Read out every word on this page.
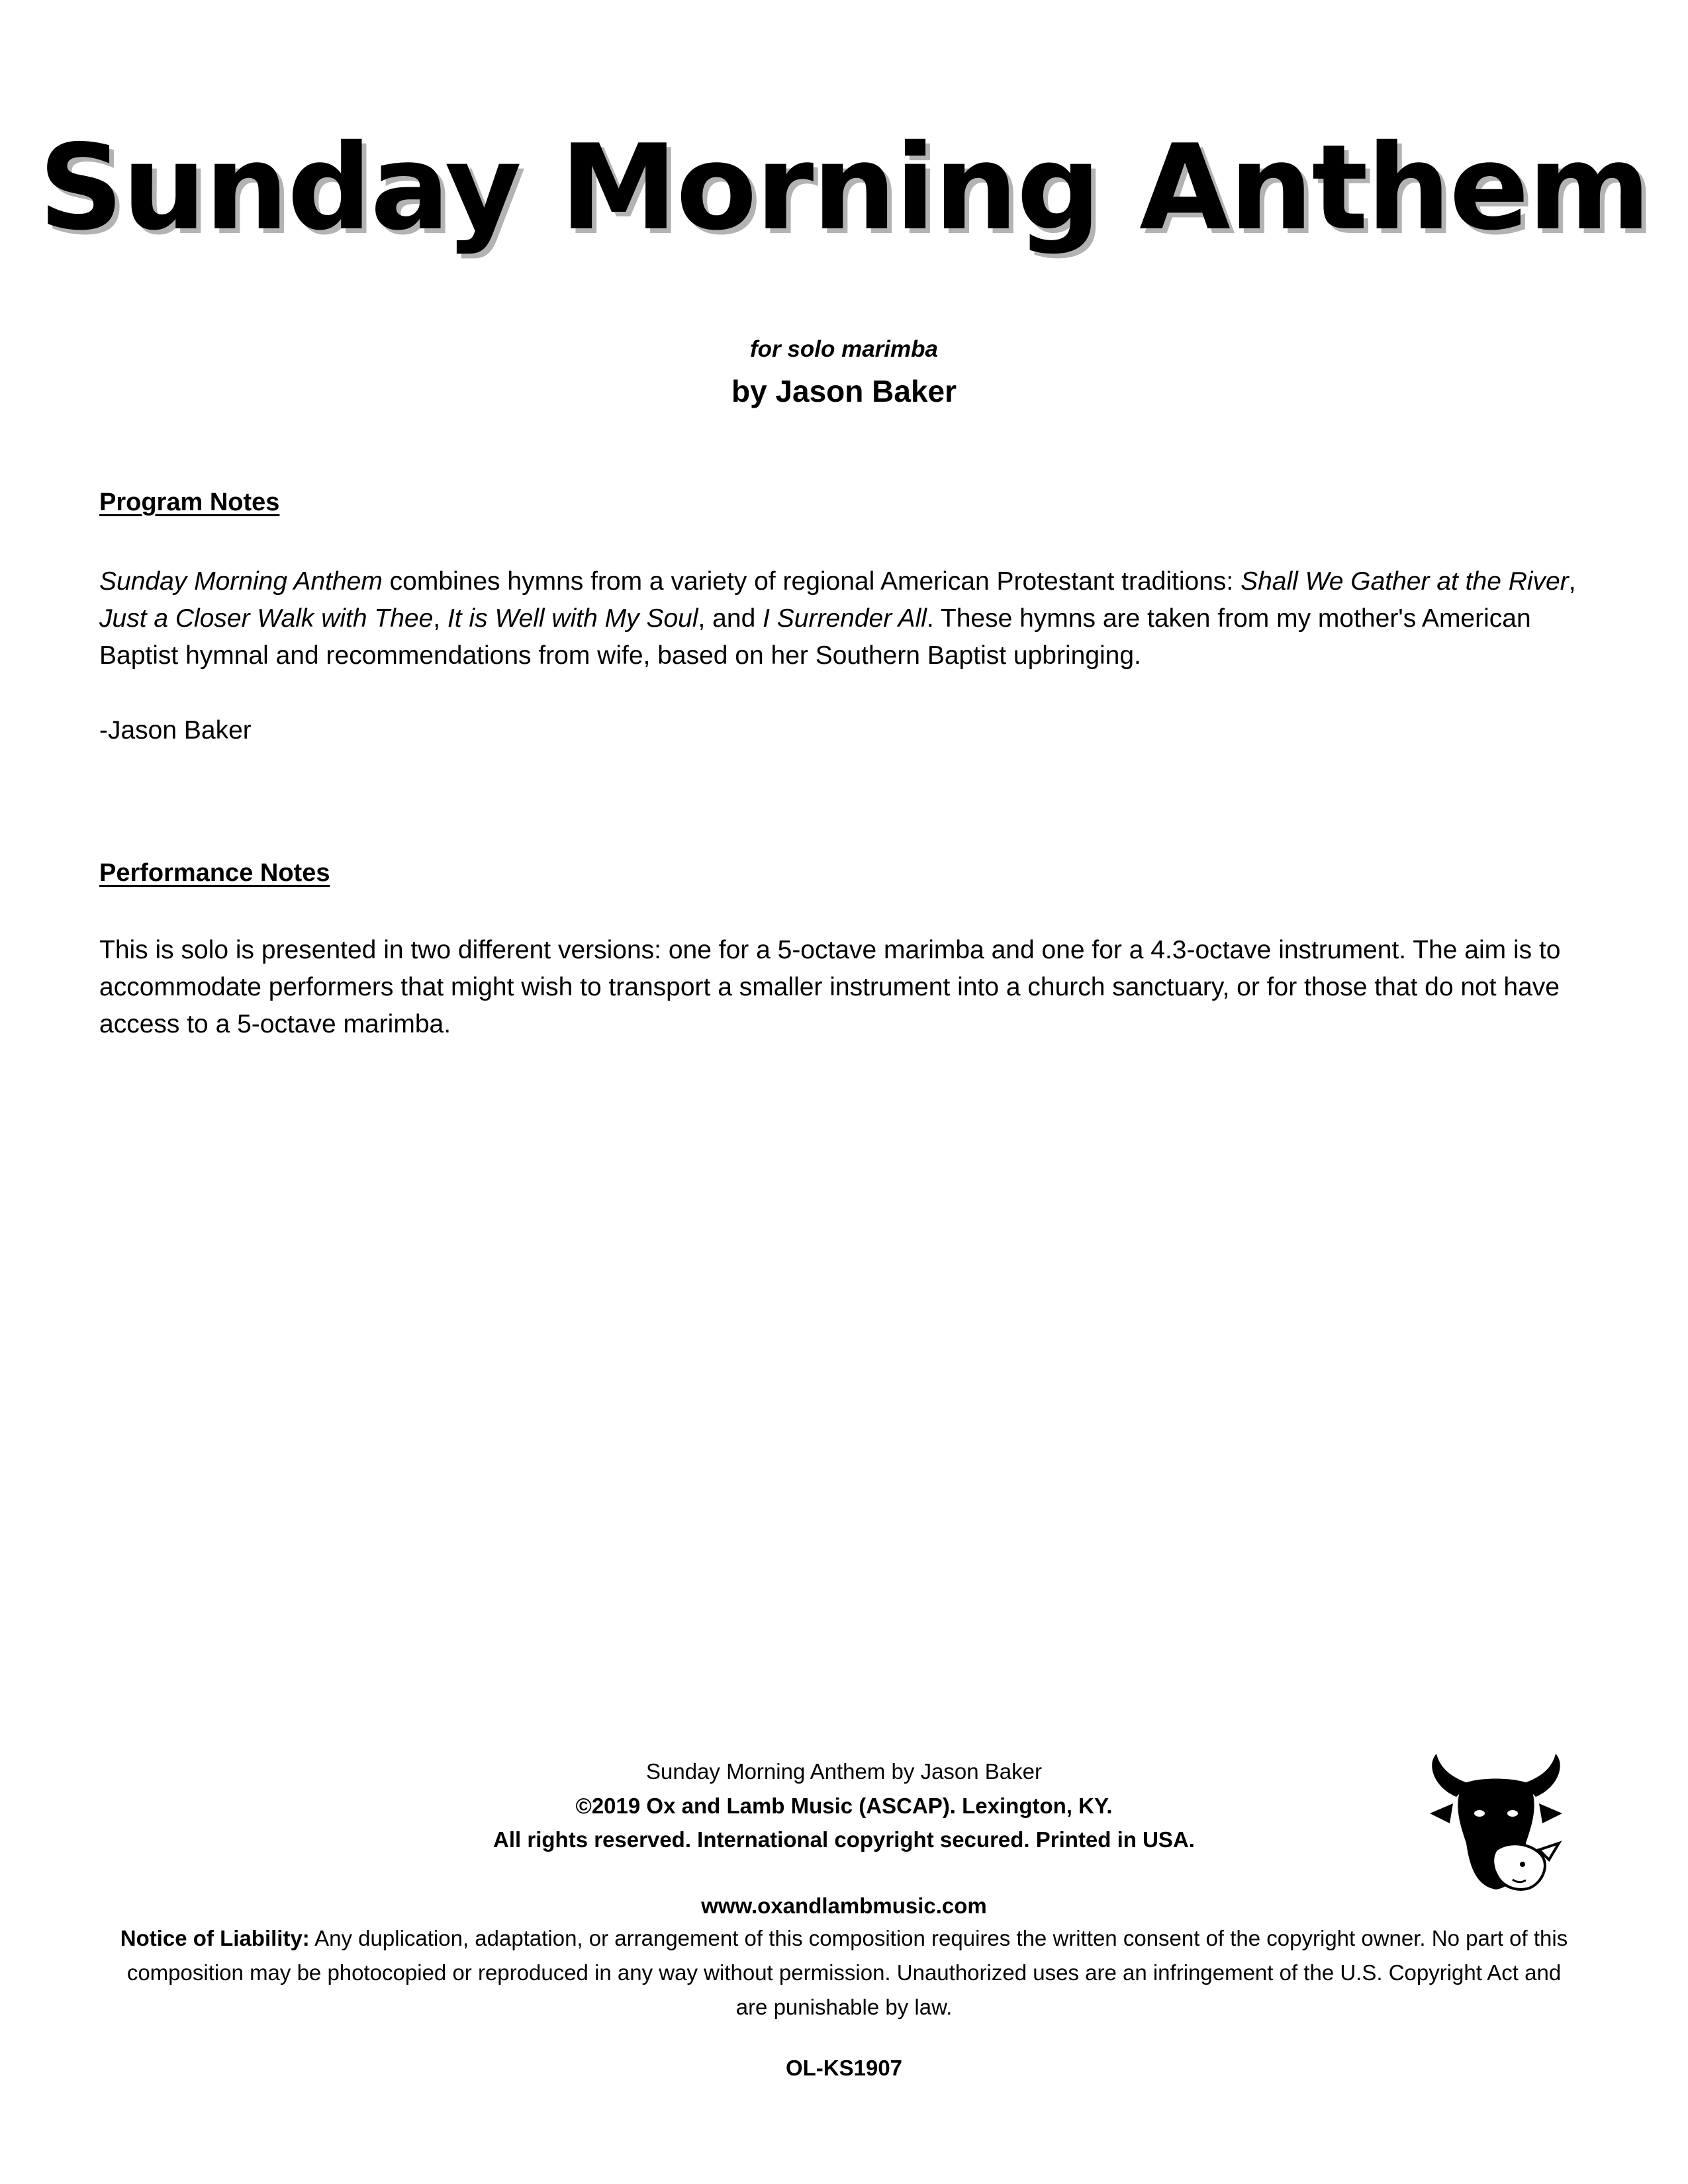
Sunday Morning Anthem
for solo marimba
by Jason Baker
Program Notes
Sunday Morning Anthem combines hymns from a variety of regional American Protestant traditions: Shall We Gather at the River, Just a Closer Walk with Thee, It is Well with My Soul, and I Surrender All. These hymns are taken from my mother's American Baptist hymnal and recommendations from wife, based on her Southern Baptist upbringing.
-Jason Baker
Performance Notes
This is solo is presented in two different versions: one for a 5-octave marimba and one for a 4.3-octave instrument. The aim is to accommodate performers that might wish to transport a smaller instrument into a church sanctuary, or for those that do not have access to a 5-octave marimba.
Sunday Morning Anthem by Jason Baker
©2019 Ox and Lamb Music (ASCAP). Lexington, KY.
All rights reserved. International copyright secured. Printed in USA.
www.oxandlambmusic.com
Notice of Liability: Any duplication, adaptation, or arrangement of this composition requires the written consent of the copyright owner. No part of this composition may be photocopied or reproduced in any way without permission. Unauthorized uses are an infringement of the U.S. Copyright Act and are punishable by law.
OL-KS1907
